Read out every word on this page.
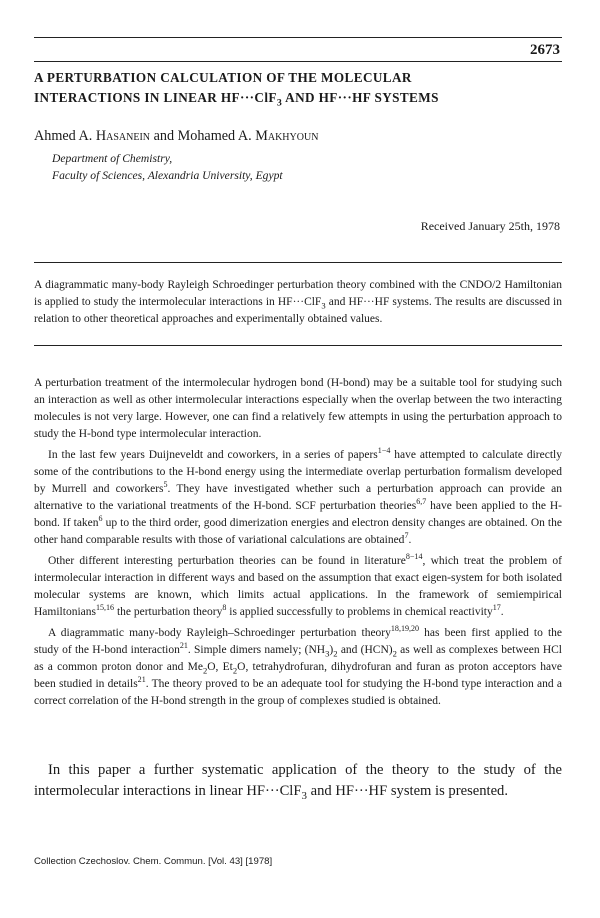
2673
A PERTURBATION CALCULATION OF THE MOLECULAR
INTERACTIONS IN LINEAR HF···ClF$_3$ AND HF···HF SYSTEMS
Ahmed A. Hasanein and Mohamed A. Makhyoun
Department of Chemistry,
Faculty of Sciences, Alexandria University, Egypt
Received January 25th, 1978

A diagrammatic many-body Rayleigh Schroedinger perturbation theory combined with the CNDO/2 Hamiltonian is applied to study the intermolecular interactions in HF···ClF$_3$ and HF···HF systems. The results are discussed in relation to other theoretical approaches and experimentally obtained values.

A perturbation treatment of the intermolecular hydrogen bond (H-bond) may be a suitable tool for studying such an interaction as well as other intermolecular interactions especially when the overlap between the two interacting molecules is not very large. However, one can find a relatively few attempts in using the perturbation approach to study the H-bond type intermolecular interaction.

In the last few years Duijneveldt and coworkers, in a series of papers$^{1-4}$ have attempted to calculate directly some of the contributions to the H-bond energy using the intermediate overlap perturbation formalism developed by Murrell and coworkers$^5$. They have investigated whether such a perturbation approach can provide an alternative to the variational treatments of the H-bond. SCF perturbation theories$^{6,7}$ have been applied to the H-bond. If taken$^6$ up to the third order, good dimerization energies and electron density changes are obtained. On the other hand comparable results with those of variational calculations are obtained$^7$.

Other different interesting perturbation theories can be found in literature$^{8-14}$, which treat the problem of intermolecular interaction in different ways and based on the assumption that exact eigen-system for both isolated molecular systems are known, which limits actual applications. In the framework of semiempirical Hamiltonians$^{15,16}$ the perturbation theory$^8$ is applied successfully to problems in chemical reactivity$^{17}$.

A diagrammatic many-body Rayleigh–Schroedinger perturbation theory$^{18,19,20}$ has been first applied to the study of the H-bond interaction$^{21}$. Simple dimers namely; $(NH_3)_2$ and $(HCN)_2$ as well as complexes between HCl as a common proton donor and $Me_2O$, $Et_2O$, tetrahydrofuran, dihydrofuran and furan as proton acceptors have been studied in details$^{21}$. The theory proved to be an adequate tool for studying the H-bond type interaction and a correct correlation of the H-bond strength in the group of complexes studied is obtained.

In this paper a further systematic application of the theory to the study of the intermolecular interactions in linear HF···ClF$_3$ and HF···HF system is presented.

Collection Czechoslov. Chem. Commun. [Vol. 43] [1978]
